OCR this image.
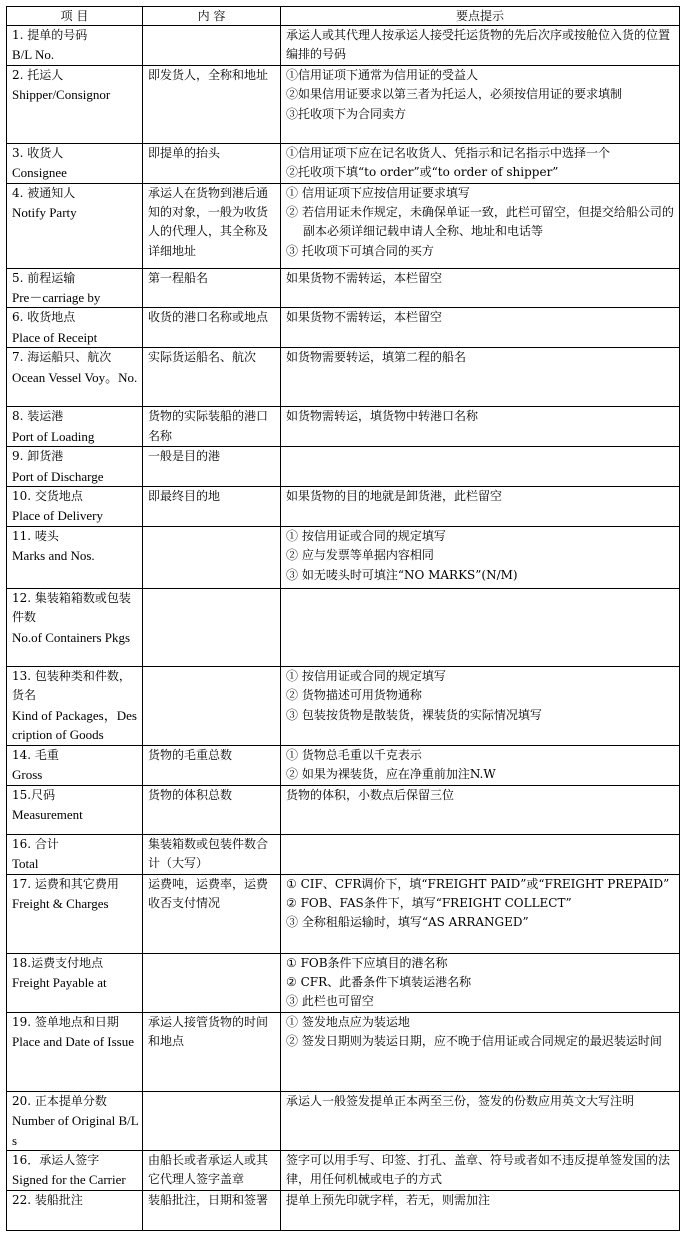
项 目	内 容	要点提示

1. 提单的号码
B/L No.		承运人或其代理人按承运人接受托运货物的先后次序或按舱位入货的位置编排的号码

2. 托运人
Shipper/Consignor	即发货人，全称和地址	①信用证项下通常为信用证的受益人
②如果信用证要求以第三者为托运人，必须按信用证的要求填制
③托收项下为合同卖方

3. 收货人
Consignee	即提单的抬头	①信用证项下应在记名收货人、凭指示和记名指示中选择一个
②托收项下填“to order”或“to order of shipper”

4. 被通知人
Notify Party	承运人在货物到港后通知的对象，一般为收货人的代理人，其全称及详细地址	① 信用证项下应按信用证要求填写
② 若信用证未作规定，未确保单证一致，此栏可留空，但提交给船公司的副本必须详细记载申请人全称、地址和电话等
③ 托收项下可填合同的买方

5. 前程运输
Pre－carriage by	第一程船名	如果货物不需转运，本栏留空

6. 收货地点
Place of Receipt	收货的港口名称或地点	如果货物不需转运，本栏留空

7. 海运船只、航次
Ocean Vessel Voy。No.	实际货运船名、航次	如货物需要转运，填第二程的船名

8. 装运港
Port of Loading	货物的实际装船的港口名称	如货物需转运，填货物中转港口名称

9. 卸货港
Port of Discharge	一般是目的港	

10. 交货地点
Place of Delivery	即最终目的地	如果货物的目的地就是卸货港，此栏留空

11. 唛头
Marks and Nos.		① 按信用证或合同的规定填写
② 应与发票等单据内容相同
③ 如无唛头时可填注“NO MARKS”(N/M)

12. 集装箱箱数或包装件数
No.of Containers Pkgs		

13. 包装种类和件数，货名
Kind of Packages，Description of Goods		① 按信用证或合同的规定填写
② 货物描述可用货物通称
③ 包装按货物是散装货，裸装货的实际情况填写

14. 毛重
Gross	货物的毛重总数	① 货物总毛重以千克表示
② 如果为裸装货，应在净重前加注N.W

15.尺码
Measurement	货物的体积总数	货物的体积，小数点后保留三位

16. 合计
Total	集装箱数或包装件数合计（大写）	

17. 运费和其它费用
Freight & Charges	运费吨，运费率，运费收否支付情况	① CIF、CFR调价下，填“FREIGHT PAID”或“FREIGHT PREPAID”
② FOB、FAS条件下，填写“FREIGHT COLLECT”
③ 全称租船运输时，填写“AS ARRANGED”

18.运费支付地点
Freight Payable at		① FOB条件下应填目的港名称
② CFR、此番条件下填装运港名称
③ 此栏也可留空

19. 签单地点和日期
Place and Date of Issue	承运人接管货物的时间和地点	① 签发地点应为装运地
② 签发日期则为装运日期，应不晚于信用证或合同规定的最迟装运时间

20. 正本提单分数
Number of Original B/Ls		承运人一般签发提单正本两至三份，签发的份数应用英文大写注明

16．承运人签字
Signed for the Carrier	由船长或者承运人或其它代理人签字盖章	签字可以用手写、印签、打孔、盖章、符号或者如不违反提单签发国的法律，用任何机械或电子的方式

22. 装船批注	装船批注，日期和签署	提单上预先印就字样，若无，则需加注
